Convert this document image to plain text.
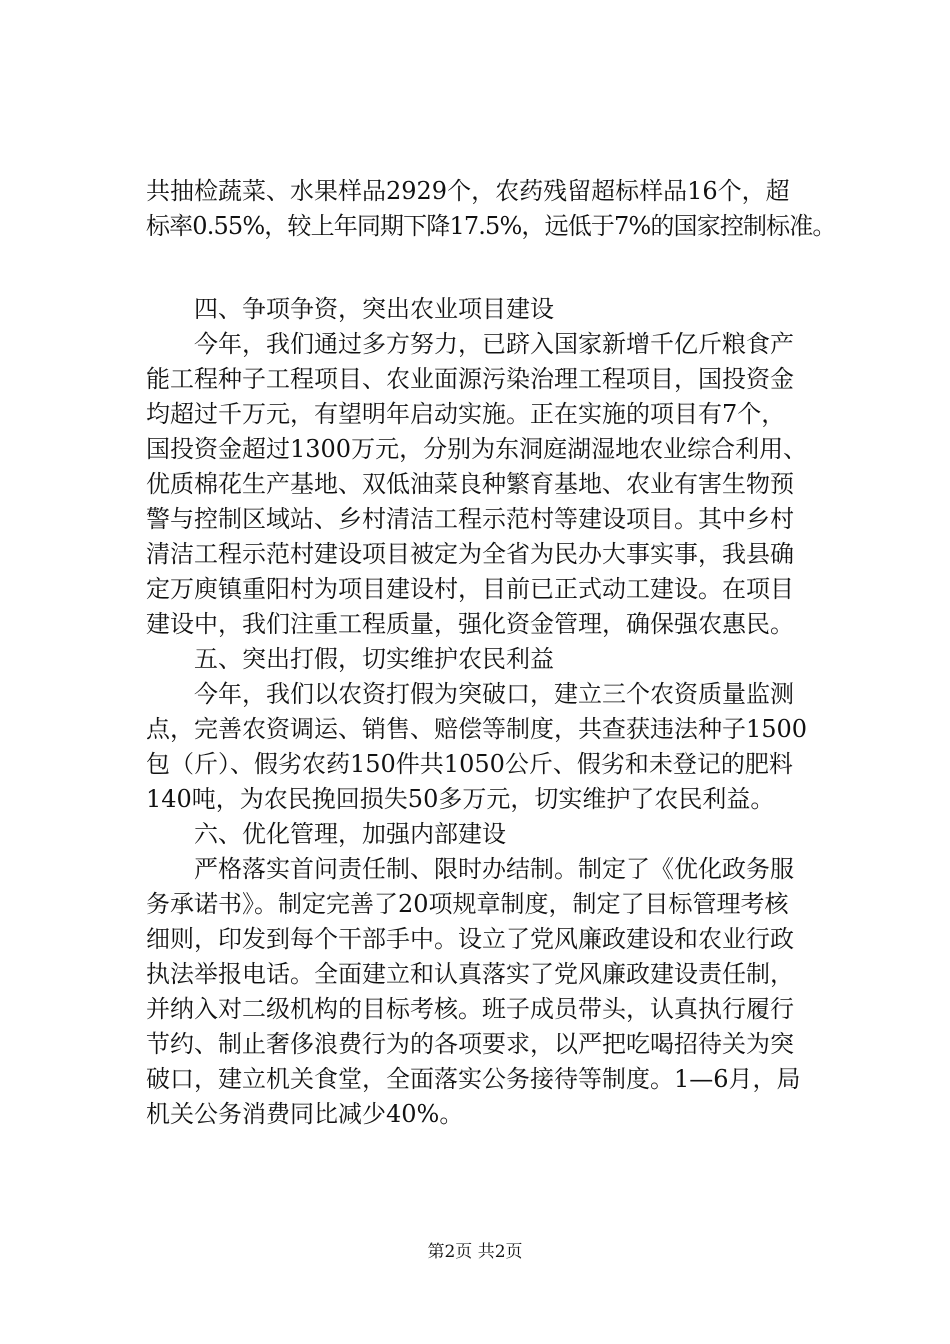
共抽检蔬菜、水果样品2929个，农药残留超标样品16个，超
标率0.55%，较上年同期下降17.5%，远低于7%的国家控制标准。
　　四、争项争资，突出农业项目建设
　　今年，我们通过多方努力，已跻入国家新增千亿斤粮食产
能工程种子工程项目、农业面源污染治理工程项目，国投资金
均超过千万元，有望明年启动实施。正在实施的项目有7个，
国投资金超过1300万元，分别为东洞庭湖湿地农业综合利用、
优质棉花生产基地、双低油菜良种繁育基地、农业有害生物预
警与控制区域站、乡村清洁工程示范村等建设项目。其中乡村
清洁工程示范村建设项目被定为全省为民办大事实事，我县确
定万庾镇重阳村为项目建设村，目前已正式动工建设。在项目
建设中，我们注重工程质量，强化资金管理，确保强农惠民。
　　五、突出打假，切实维护农民利益
　　今年，我们以农资打假为突破口，建立三个农资质量监测
点，完善农资调运、销售、赔偿等制度，共查获违法种子1500
包（斤）、假劣农药150件共1050公斤、假劣和未登记的肥料
140吨，为农民挽回损失50多万元，切实维护了农民利益。
　　六、优化管理，加强内部建设
　　严格落实首问责任制、限时办结制。制定了《优化政务服
务承诺书》。制定完善了20项规章制度，制定了目标管理考核
细则，印发到每个干部手中。设立了党风廉政建设和农业行政
执法举报电话。全面建立和认真落实了党风廉政建设责任制，
并纳入对二级机构的目标考核。班子成员带头，认真执行履行
节约、制止奢侈浪费行为的各项要求，以严把吃喝招待关为突
破口，建立机关食堂，全面落实公务接待等制度。1—6月，局
机关公务消费同比减少40%。
第2页 共2页
